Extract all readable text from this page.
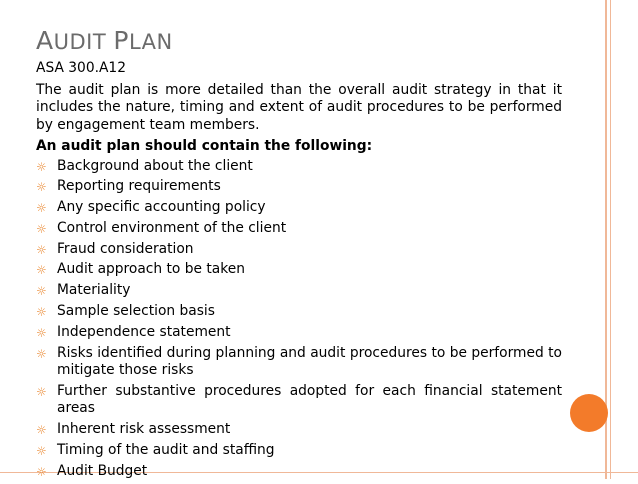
AUDIT PLAN
ASA 300.A12
The audit plan is more detailed than the overall audit strategy in that it includes the nature, timing and extent of audit procedures to be performed by engagement team members.
An audit plan should contain the following:
☼ Background about the client
☼ Reporting requirements
☼ Any specific accounting policy
☼ Control environment of the client
☼ Fraud consideration
☼ Audit approach to be taken
☼ Materiality
☼ Sample selection basis
☼ Independence statement
☼ Risks identified during planning and audit procedures to be performed to mitigate those risks
☼ Further substantive procedures adopted for each financial statement areas
☼ Inherent risk assessment
☼ Timing of the audit and staffing
☼ Audit Budget
